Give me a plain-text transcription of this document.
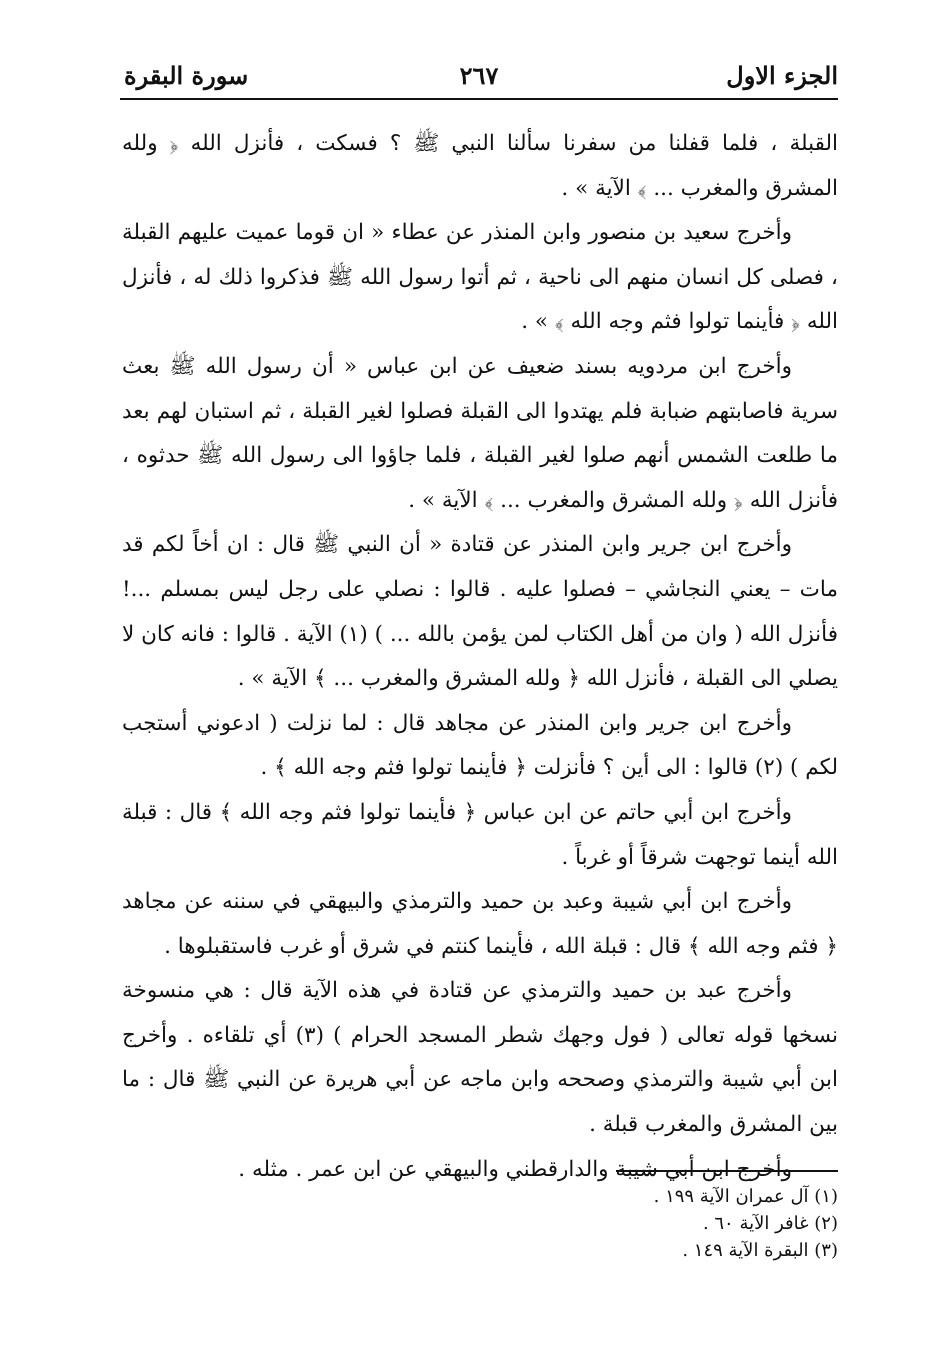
الجزء الاول
٢٦٧
سورة البقرة

القبلة ، فلما قفلنا من سفرنا سألنا النبي ﷺ ؟ فسكت ، فأنزل الله ﴿ ولله المشرق والمغرب ... ﴾ الآية » .

وأخرج سعيد بن منصور وابن المنذر عن عطاء « ان قوما عميت عليهم القبلة ، فصلى كل انسان منهم الى ناحية ، ثم أتوا رسول الله ﷺ فذكروا ذلك له ، فأنزل الله ﴿ فأينما تولوا فثم وجه الله ﴾ » .

وأخرج ابن مردويه بسند ضعيف عن ابن عباس « أن رسول الله ﷺ بعث سرية فاصابتهم ضبابة فلم يهتدوا الى القبلة فصلوا لغير القبلة ، ثم استبان لهم بعد ما طلعت الشمس أنهم صلوا لغير القبلة ، فلما جاؤوا الى رسول الله ﷺ حدثوه ، فأنزل الله ﴿ ولله المشرق والمغرب ... ﴾ الآية » .

وأخرج ابن جرير وابن المنذر عن قتادة « أن النبي ﷺ قال : ان أخاً لكم قد مات – يعني النجاشي – فصلوا عليه . قالوا : نصلي على رجل ليس بمسلم ...! فأنزل الله ( وان من أهل الكتاب لمن يؤمن بالله ... ) (١) الآية . قالوا : فانه كان لا يصلي الى القبلة ، فأنزل الله ﴿ ولله المشرق والمغرب ... ﴾ الآية » .

وأخرج ابن جرير وابن المنذر عن مجاهد قال : لما نزلت ( ادعوني أستجب لكم ) (٢) قالوا : الى أين ؟ فأنزلت ﴿ فأينما تولوا فثم وجه الله ﴾ .

وأخرج ابن أبي حاتم عن ابن عباس ﴿ فأينما تولوا فثم وجه الله ﴾ قال : قبلة الله أينما توجهت شرقاً أو غرباً .

وأخرج ابن أبي شيبة وعبد بن حميد والترمذي والبيهقي في سننه عن مجاهد ﴿ فثم وجه الله ﴾ قال : قبلة الله ، فأينما كنتم في شرق أو غرب فاستقبلوها .

وأخرج عبد بن حميد والترمذي عن قتادة في هذه الآية قال : هي منسوخة نسخها قوله تعالى ( فول وجهك شطر المسجد الحرام ) (٣) أي تلقاءه . وأخرج ابن أبي شيبة والترمذي وصححه وابن ماجه عن أبي هريرة عن النبي ﷺ قال : ما بين المشرق والمغرب قبلة .

وأخرج ابن أبي شيبة والدارقطني والبيهقي عن ابن عمر . مثله .

(١) آل عمران الآية ١٩٩ .

(٢) غافر الآية ٦٠ .

(٣) البقرة الآية ١٤٩ .
